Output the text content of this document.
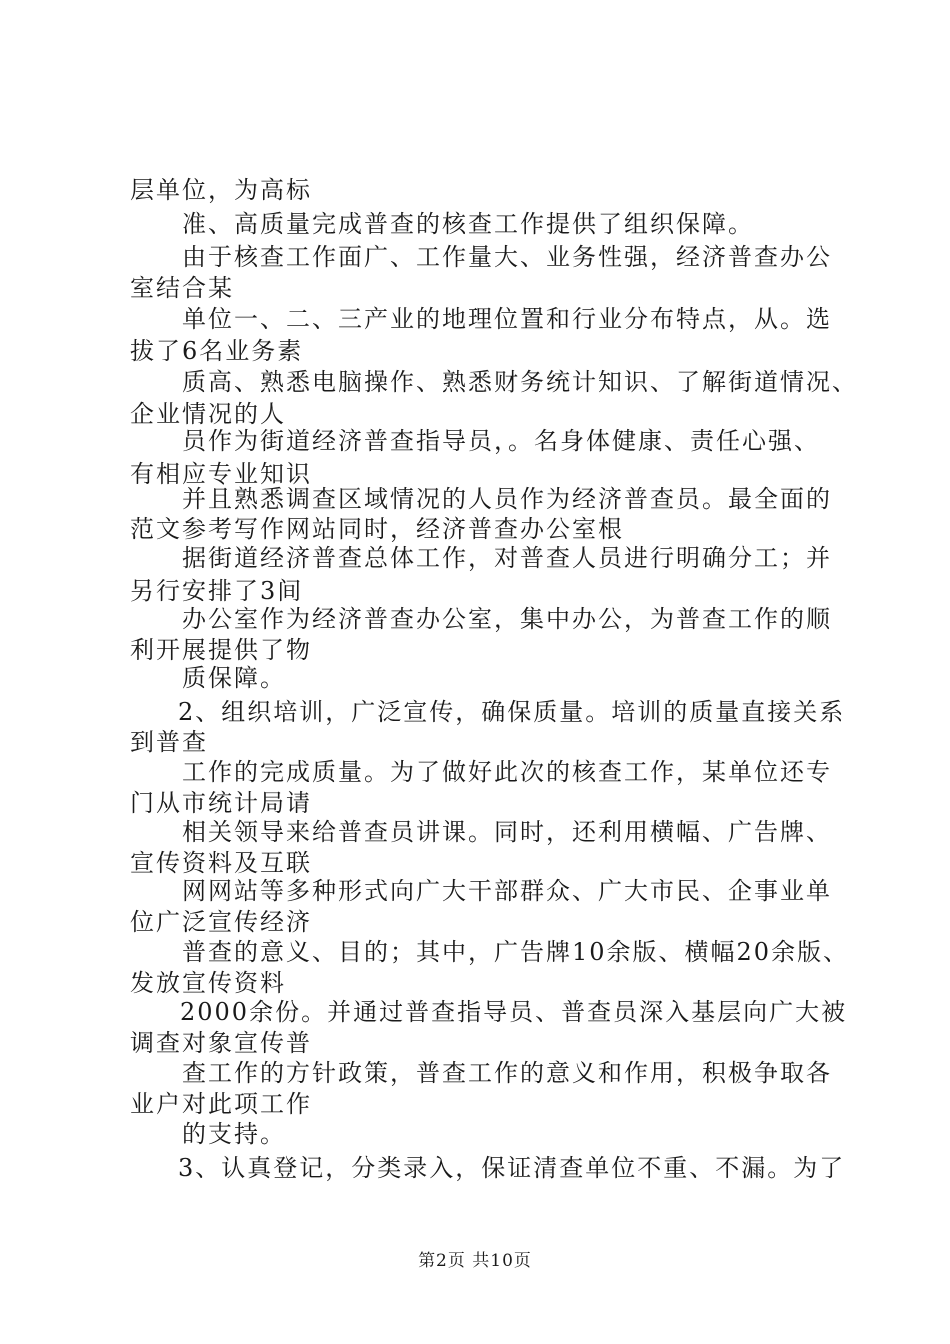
层单位，为高标
准、高质量完成普查的核查工作提供了组织保障。
由于核查工作面广、工作量大、业务性强，经济普查办公
室结合某
单位一、二、三产业的地理位置和行业分布特点，从。选
拔了6名业务素
质高、熟悉电脑操作、熟悉财务统计知识、了解街道情况、
企业情况的人
员作为街道经济普查指导员，。名身体健康、责任心强、
有相应专业知识
并且熟悉调查区域情况的人员作为经济普查员。最全面的
范文参考写作网站同时，经济普查办公室根
据街道经济普查总体工作，对普查人员进行明确分工；并
另行安排了3间
办公室作为经济普查办公室，集中办公，为普查工作的顺
利开展提供了物
质保障。
2、组织培训，广泛宣传，确保质量。培训的质量直接关系
到普查
工作的完成质量。为了做好此次的核查工作，某单位还专
门从市统计局请
相关领导来给普查员讲课。同时，还利用横幅、广告牌、
宣传资料及互联
网网站等多种形式向广大干部群众、广大市民、企事业单
位广泛宣传经济
普查的意义、目的；其中，广告牌10余版、横幅20余版、
发放宣传资料
2000余份。并通过普查指导员、普查员深入基层向广大被
调查对象宣传普
查工作的方针政策，普查工作的意义和作用，积极争取各
业户对此项工作
的支持。
3、认真登记，分类录入，保证清查单位不重、不漏。为了
第2页 共10页
